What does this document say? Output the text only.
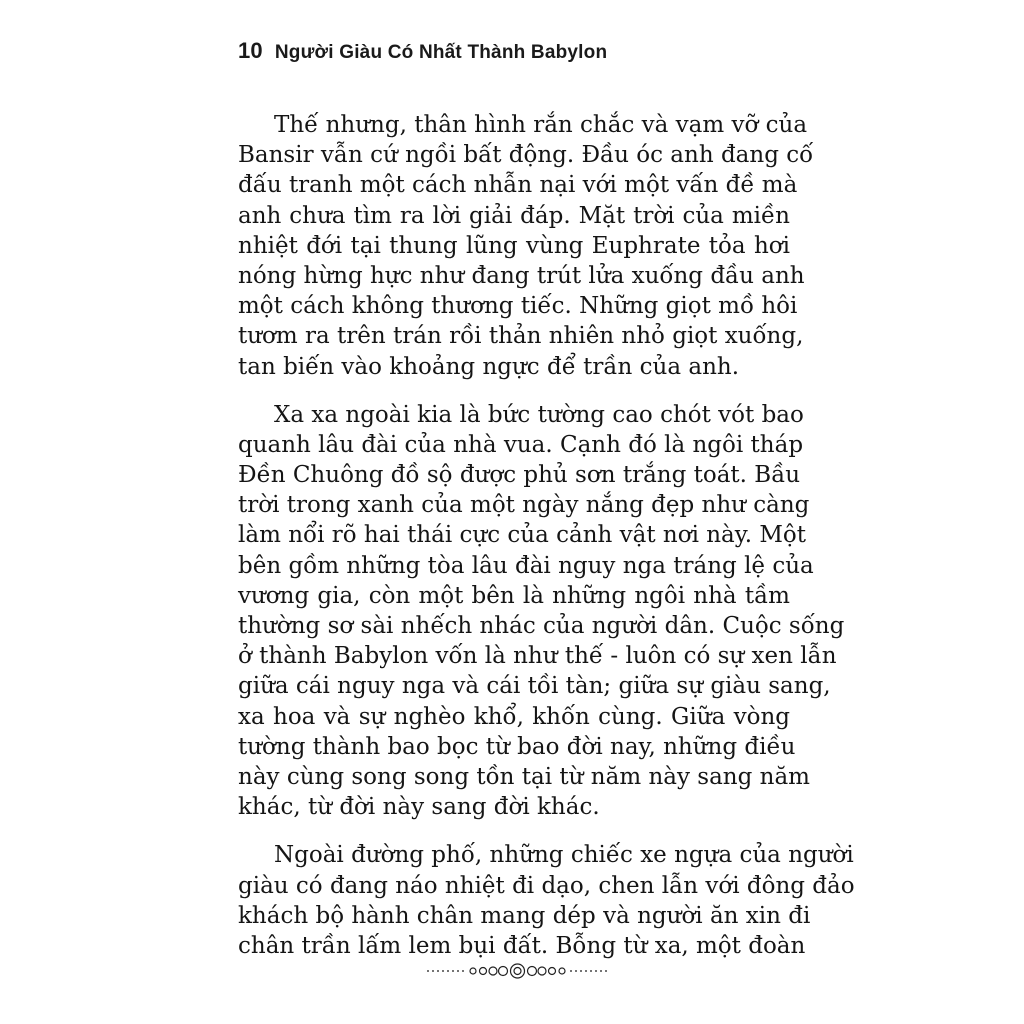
10 Người Giàu Có Nhất Thành Babylon
Thế nhưng, thân hình rắn chắc và vạm vỡ của
Bansir vẫn cứ ngồi bất động. Đầu óc anh đang cố
đấu tranh một cách nhẫn nại với một vấn đề mà
anh chưa tìm ra lời giải đáp. Mặt trời của miền
nhiệt đới tại thung lũng vùng Euphrate tỏa hơi
nóng hừng hực như đang trút lửa xuống đầu anh
một cách không thương tiếc. Những giọt mồ hôi
tươm ra trên trán rồi thản nhiên nhỏ giọt xuống,
tan biến vào khoảng ngực để trần của anh.
Xa xa ngoài kia là bức tường cao chót vót bao
quanh lâu đài của nhà vua. Cạnh đó là ngôi tháp
Đền Chuông đồ sộ được phủ sơn trắng toát. Bầu
trời trong xanh của một ngày nắng đẹp như càng
làm nổi rõ hai thái cực của cảnh vật nơi này. Một
bên gồm những tòa lâu đài nguy nga tráng lệ của
vương gia, còn một bên là những ngôi nhà tầm
thường sơ sài nhếch nhác của người dân. Cuộc sống
ở thành Babylon vốn là như thế - luôn có sự xen lẫn
giữa cái nguy nga và cái tồi tàn; giữa sự giàu sang,
xa hoa và sự nghèo khổ, khốn cùng. Giữa vòng
tường thành bao bọc từ bao đời nay, những điều
này cùng song song tồn tại từ năm này sang năm
khác, từ đời này sang đời khác.
Ngoài đường phố, những chiếc xe ngựa của người
giàu có đang náo nhiệt đi dạo, chen lẫn với đông đảo
khách bộ hành chân mang dép và người ăn xin đi
chân trần lấm lem bụi đất. Bỗng từ xa, một đoàn
